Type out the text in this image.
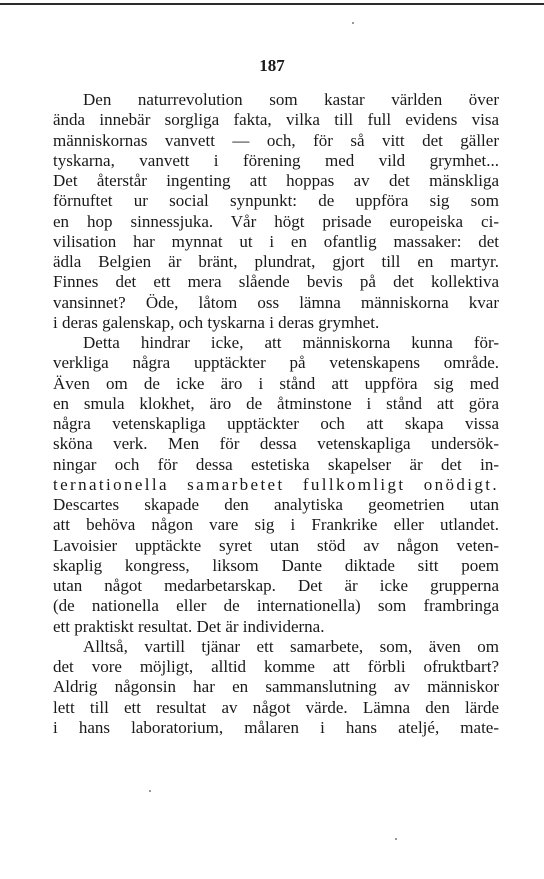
187
Den naturrevolution som kastar världen över
ända innebär sorgliga fakta, vilka till full evidens visa
människornas vanvett — och, för så vitt det gäller
tyskarna, vanvett i förening med vild grymhet...
Det återstår ingenting att hoppas av det mänskliga
förnuftet ur social synpunkt: de uppföra sig som
en hop sinnessjuka. Vår högt prisade europeiska ci-
vilisation har mynnat ut i en ofantlig massaker: det
ädla Belgien är bränt, plundrat, gjort till en martyr.
Finnes det ett mera slående bevis på det kollektiva
vansinnet? Öde, låtom oss lämna människorna kvar
i deras galenskap, och tyskarna i deras grymhet.
Detta hindrar icke, att människorna kunna för-
verkliga några upptäckter på vetenskapens område.
Även om de icke äro i stånd att uppföra sig med
en smula klokhet, äro de åtminstone i stånd att göra
några vetenskapliga upptäckter och att skapa vissa
sköna verk. Men för dessa vetenskapliga undersök-
ningar och för dessa estetiska skapelser är det in-
ternationella samarbetet fullkomligt onödigt.
Descartes skapade den analytiska geometrien utan
att behöva någon vare sig i Frankrike eller utlandet.
Lavoisier upptäckte syret utan stöd av någon veten-
skaplig kongress, liksom Dante diktade sitt poem
utan något medarbetarskap. Det är icke grupperna
(de nationella eller de internationella) som frambringa
ett praktiskt resultat. Det är individerna.
Alltså, vartill tjänar ett samarbete, som, även om
det vore möjligt, alltid komme att förbli ofruktbart?
Aldrig någonsin har en sammanslutning av människor
lett till ett resultat av något värde. Lämna den lärde
i hans laboratorium, målaren i hans ateljé, mate-
